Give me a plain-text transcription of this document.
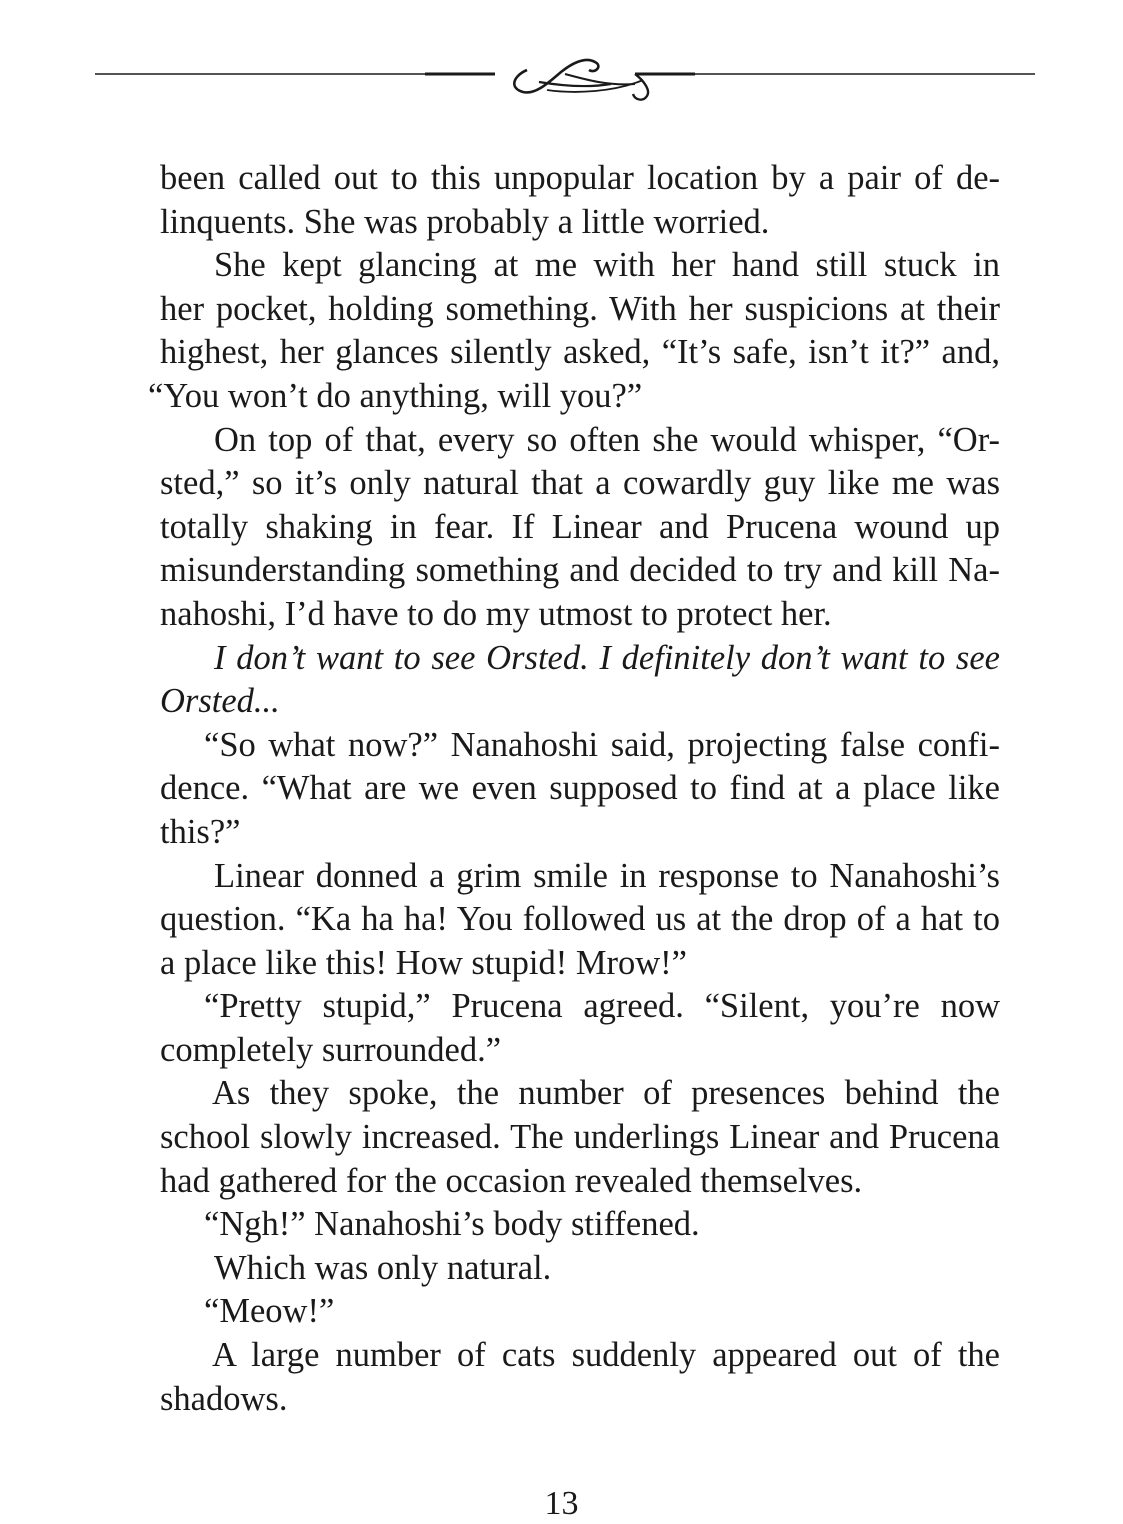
been called out to this unpopular location by a pair of de-
linquents. She was probably a little worried.
She kept glancing at me with her hand still stuck in
her pocket, holding something. With her suspicions at their
highest, her glances silently asked, “It’s safe, isn’t it?” and,
“You won’t do anything, will you?”
On top of that, every so often she would whisper, “Or-
sted,” so it’s only natural that a cowardly guy like me was
totally shaking in fear. If Linear and Prucena wound up
misunderstanding something and decided to try and kill Na-
nahoshi, I’d have to do my utmost to protect her.
I don’t want to see Orsted. I definitely don’t want to see
Orsted...
“So what now?” Nanahoshi said, projecting false confi-
dence. “What are we even supposed to find at a place like
this?”
Linear donned a grim smile in response to Nanahoshi’s
question. “Ka ha ha! You followed us at the drop of a hat to
a place like this! How stupid! Mrow!”
“Pretty stupid,” Prucena agreed. “Silent, you’re now
completely surrounded.”
As they spoke, the number of presences behind the
school slowly increased. The underlings Linear and Prucena
had gathered for the occasion revealed themselves.
“Ngh!” Nanahoshi’s body stiffened.
Which was only natural.
“Meow!”
A large number of cats suddenly appeared out of the
shadows.
13
